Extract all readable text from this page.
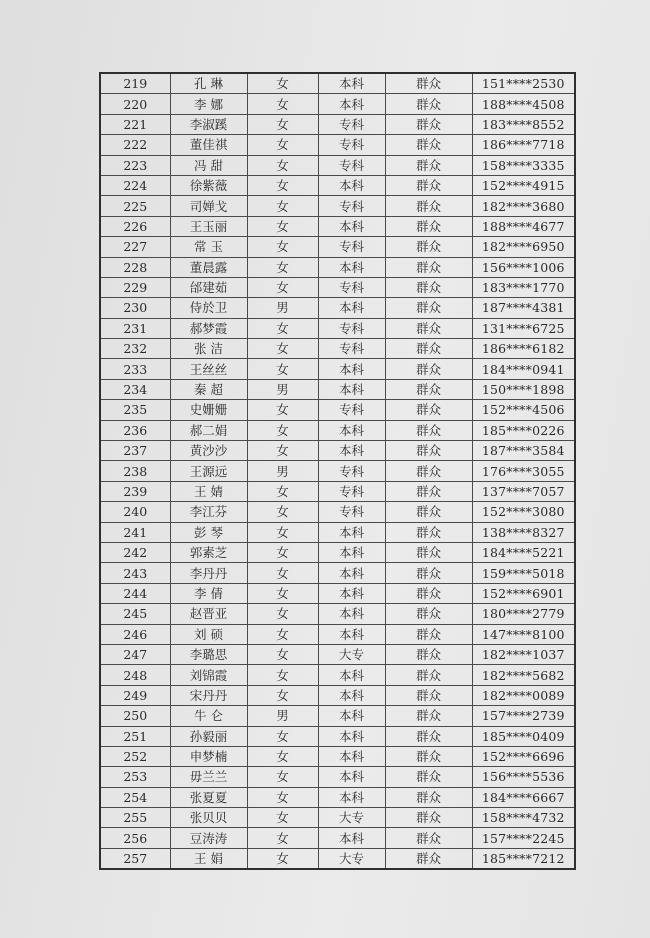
219	孔 琳	女	本科	群众	151****2530
220	李 娜	女	本科	群众	188****4508
221	李淑蹊	女	专科	群众	183****8552
222	董佳祺	女	专科	群众	186****7718
223	冯 甜	女	专科	群众	158****3335
224	徐紫薇	女	本科	群众	152****4915
225	司婵戈	女	专科	群众	182****3680
226	王玉丽	女	本科	群众	188****4677
227	常 玉	女	专科	群众	182****6950
228	董晨露	女	本科	群众	156****1006
229	邰建茹	女	专科	群众	183****1770
230	侍於卫	男	本科	群众	187****4381
231	郝梦霞	女	专科	群众	131****6725
232	张 洁	女	专科	群众	186****6182
233	王丝丝	女	本科	群众	184****0941
234	秦 超	男	本科	群众	150****1898
235	史姗姗	女	专科	群众	152****4506
236	郝二娟	女	本科	群众	185****0226
237	黄沙沙	女	本科	群众	187****3584
238	王源远	男	专科	群众	176****3055
239	王 婧	女	专科	群众	137****7057
240	李江芬	女	专科	群众	152****3080
241	彭 琴	女	本科	群众	138****8327
242	郭素芝	女	本科	群众	184****5221
243	李丹丹	女	本科	群众	159****5018
244	李 倩	女	本科	群众	152****6901
245	赵晋亚	女	本科	群众	180****2779
246	刘 硕	女	本科	群众	147****8100
247	李璐思	女	大专	群众	182****1037
248	刘锦霞	女	本科	群众	182****5682
249	宋丹丹	女	本科	群众	182****0089
250	牛 仑	男	本科	群众	157****2739
251	孙毅丽	女	本科	群众	185****0409
252	申梦楠	女	本科	群众	152****6696
253	毋兰兰	女	本科	群众	156****5536
254	张夏夏	女	本科	群众	184****6667
255	张贝贝	女	大专	群众	158****4732
256	豆涛涛	女	本科	群众	157****2245
257	王 娟	女	大专	群众	185****7212
